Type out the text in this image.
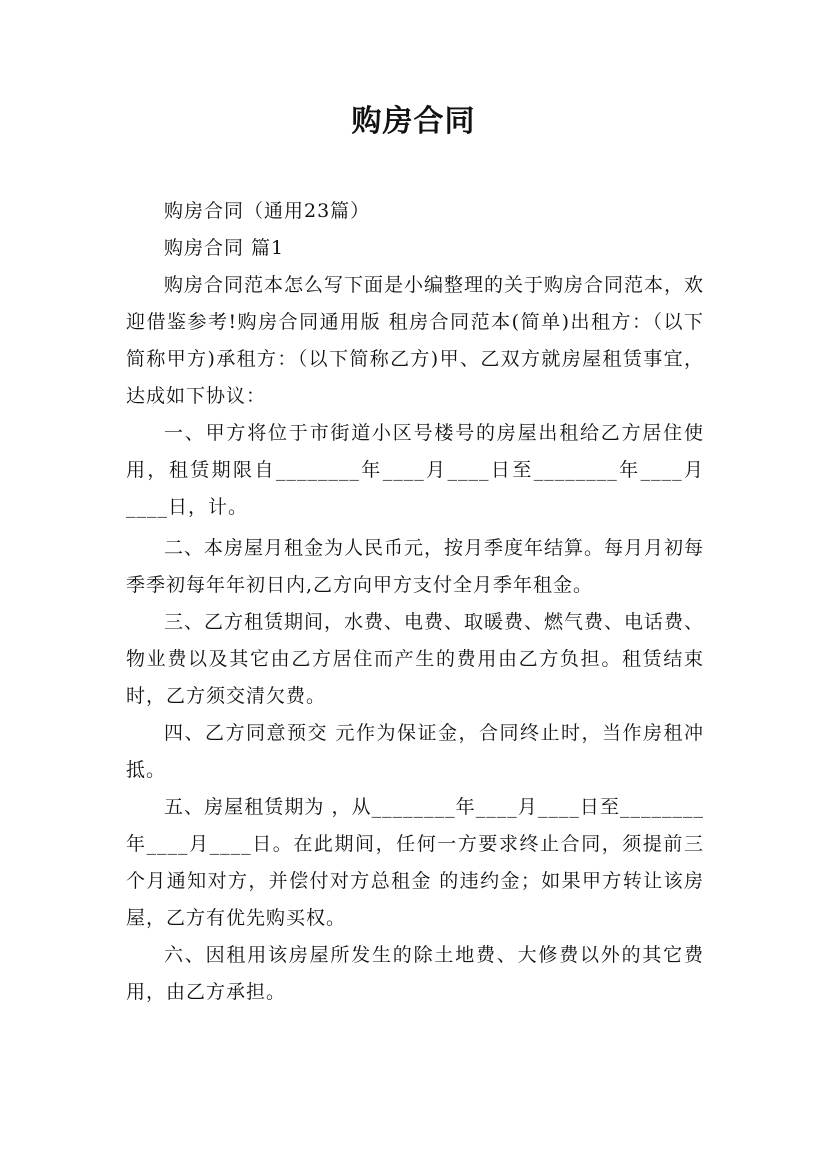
购房合同

购房合同（通用23篇）

购房合同 篇1

购房合同范本怎么写下面是小编整理的关于购房合同范本，欢迎借鉴参考!购房合同通用版 租房合同范本(简单)出租方：（以下简称甲方)承租方：（以下简称乙方)甲、乙双方就房屋租赁事宜，达成如下协议：

一、甲方将位于市街道小区号楼号的房屋出租给乙方居住使用，租赁期限自________年____月____日至________年____月____日，计。

二、本房屋月租金为人民币元，按月季度年结算。每月月初每季季初每年年初日内,乙方向甲方支付全月季年租金。

三、乙方租赁期间，水费、电费、取暖费、燃气费、电话费、物业费以及其它由乙方居住而产生的费用由乙方负担。租赁结束时，乙方须交清欠费。

四、乙方同意预交 元作为保证金，合同终止时，当作房租冲抵。

五、房屋租赁期为 ，从________年____月____日至________年____月____日。在此期间，任何一方要求终止合同，须提前三个月通知对方，并偿付对方总租金 的违约金；如果甲方转让该房屋，乙方有优先购买权。

六、因租用该房屋所发生的除土地费、大修费以外的其它费用，由乙方承担。
